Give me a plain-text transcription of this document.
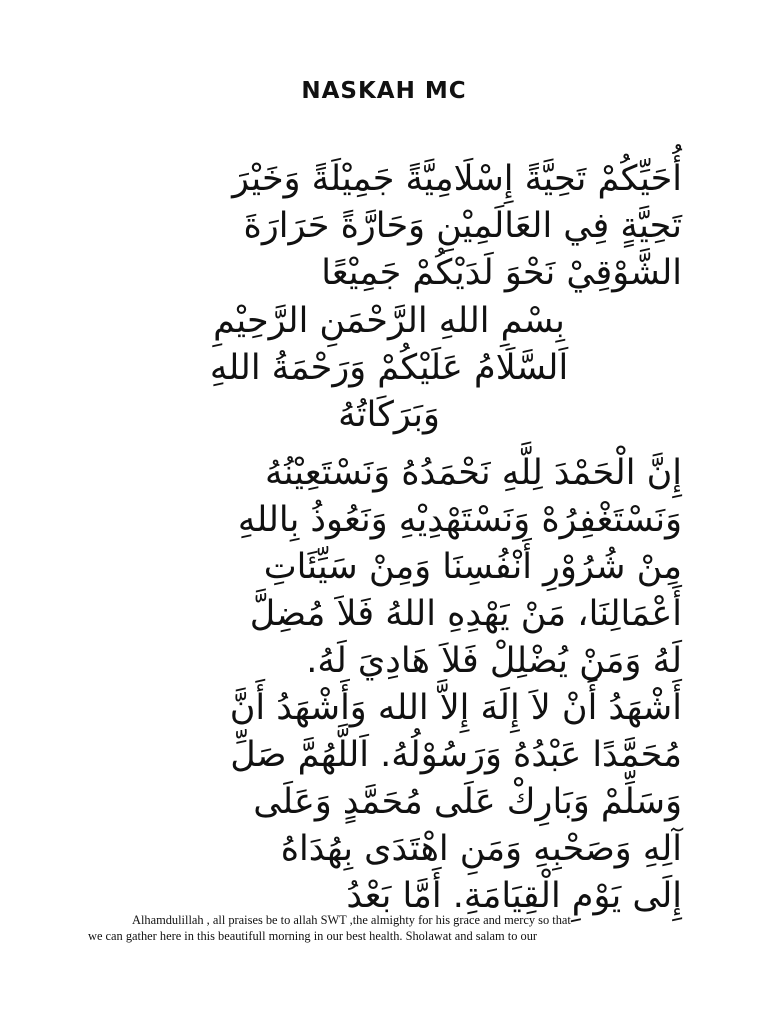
NASKAH MC
أُحَيِّكُمْ تَحِيَّةً إِسْلَامِيَّةً جَمِيْلَةً وَخَيْرَ
تَحِيَّةٍ فِي العَالَمِيْنِ وَحَارَّةً حَرَارَةَ
الشَّوْقِيْ نَحْوَ لَدَيْكُمْ جَمِيْعًا
بِسْمِ اللهِ الرَّحْمَنِ الرَّحِيْمِ
اَلسَّلَامُ عَلَيْكُمْ وَرَحْمَةُ اللهِ
وَبَرَكَاتُهُ
إِنَّ الْحَمْدَ لِلَّهِ نَحْمَدُهُ وَنَسْتَعِيْنُهُ
وَنَسْتَغْفِرُهْ وَنَسْتَهْدِيْهِ وَنَعُوذُ بِاللهِ
مِنْ شُرُوْرِ أَنْفُسِنَا وَمِنْ سَيِّئَاتِ
أَعْمَالِنَا، مَنْ يَهْدِهِ اللهُ فَلاَ مُضِلَّ
لَهُ وَمَنْ يُضْلِلْ فَلاَ هَادِيَ لَهُ.
أَشْهَدُ أَنْ لاَ إِلَهَ إِلاَّ الله وَأَشْهَدُ أَنَّ
مُحَمَّدًا عَبْدُهُ وَرَسُوْلُهُ. اَللَّهُمَّ صَلِّ
وَسَلِّمْ وَبَارِكْ عَلَى مُحَمَّدٍ وَعَلَى
آلِهِ وَصَحْبِهِ وَمَنِ اهْتَدَى بِهُدَاهُ
إِلَى يَوْمِ الْقِيَامَةِ. أَمَّا بَعْدُ
Alhamdulillah , all praises be to allah SWT ,the almighty for his grace and mercy so that
we can gather here in this beautifull morning in our best health. Sholawat and salam to our
